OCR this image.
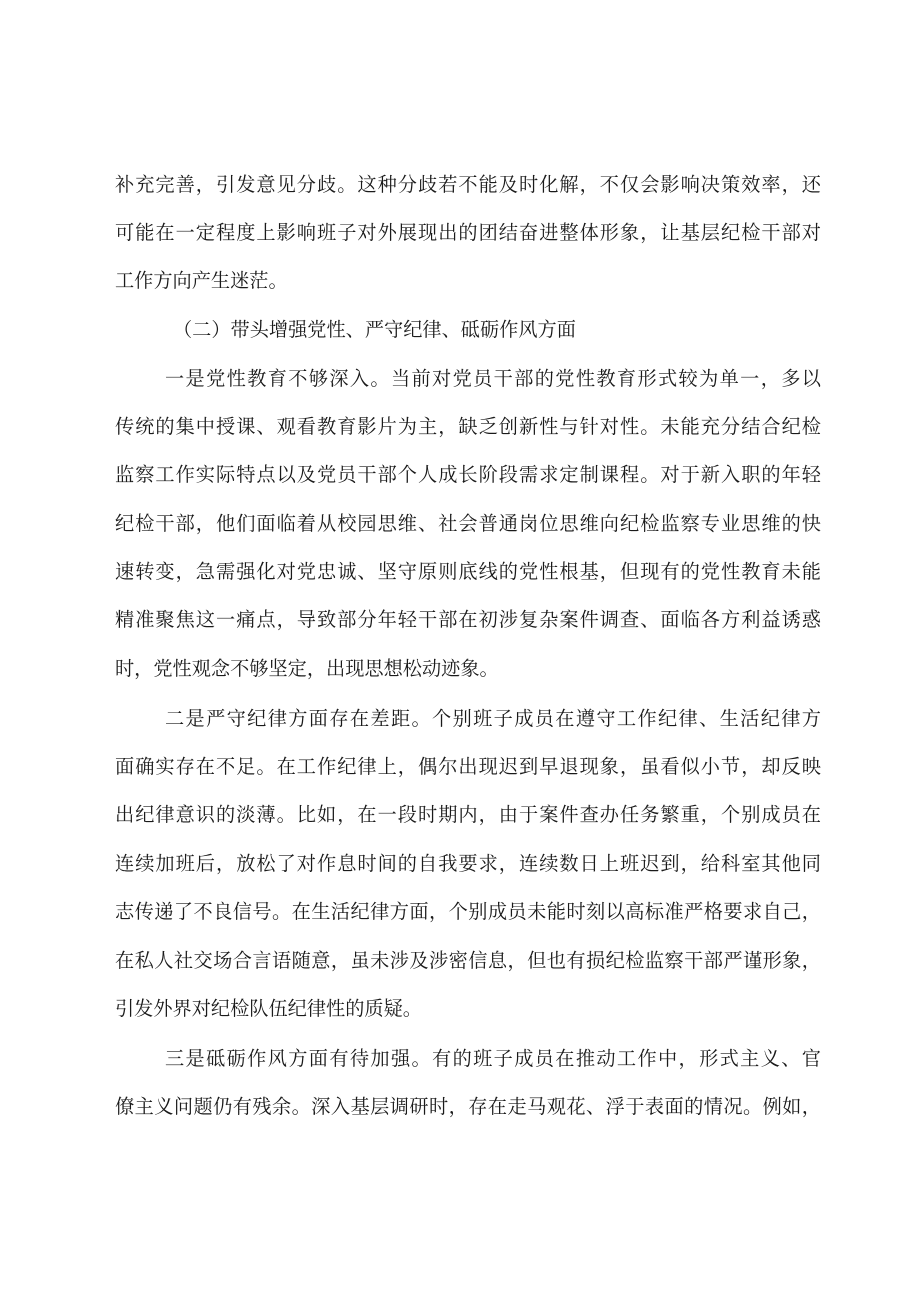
补充完善，引发意见分歧。这种分歧若不能及时化解，不仅会影响决策效率，还
可能在一定程度上影响班子对外展现出的团结奋进整体形象，让基层纪检干部对
工作方向产生迷茫。
（二）带头增强党性、严守纪律、砥砺作风方面
一是党性教育不够深入。当前对党员干部的党性教育形式较为单一，多以
传统的集中授课、观看教育影片为主，缺乏创新性与针对性。未能充分结合纪检
监察工作实际特点以及党员干部个人成长阶段需求定制课程。对于新入职的年轻
纪检干部，他们面临着从校园思维、社会普通岗位思维向纪检监察专业思维的快
速转变，急需强化对党忠诚、坚守原则底线的党性根基，但现有的党性教育未能
精准聚焦这一痛点，导致部分年轻干部在初涉复杂案件调查、面临各方利益诱惑
时，党性观念不够坚定，出现思想松动迹象。
二是严守纪律方面存在差距。个别班子成员在遵守工作纪律、生活纪律方
面确实存在不足。在工作纪律上，偶尔出现迟到早退现象，虽看似小节，却反映
出纪律意识的淡薄。比如，在一段时期内，由于案件查办任务繁重，个别成员在
连续加班后，放松了对作息时间的自我要求，连续数日上班迟到，给科室其他同
志传递了不良信号。在生活纪律方面，个别成员未能时刻以高标准严格要求自己，
在私人社交场合言语随意，虽未涉及涉密信息，但也有损纪检监察干部严谨形象，
引发外界对纪检队伍纪律性的质疑。
三是砥砺作风方面有待加强。有的班子成员在推动工作中，形式主义、官
僚主义问题仍有残余。深入基层调研时，存在走马观花、浮于表面的情况。例如，
